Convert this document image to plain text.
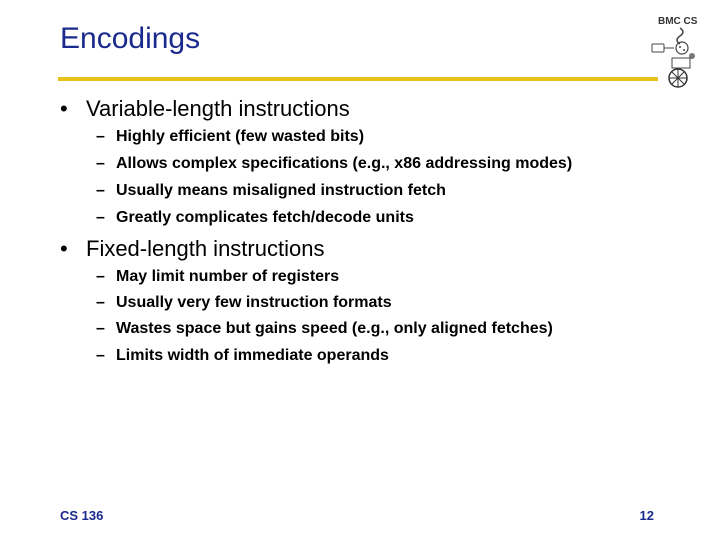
Encodings
BMC CS
• Variable-length instructions
– Highly efficient (few wasted bits)
– Allows complex specifications (e.g., x86 addressing modes)
– Usually means misaligned instruction fetch
– Greatly complicates fetch/decode units
• Fixed-length instructions
– May limit number of registers
– Usually very few instruction formats
– Wastes space but gains speed (e.g., only aligned fetches)
– Limits width of immediate operands
CS 136	12
